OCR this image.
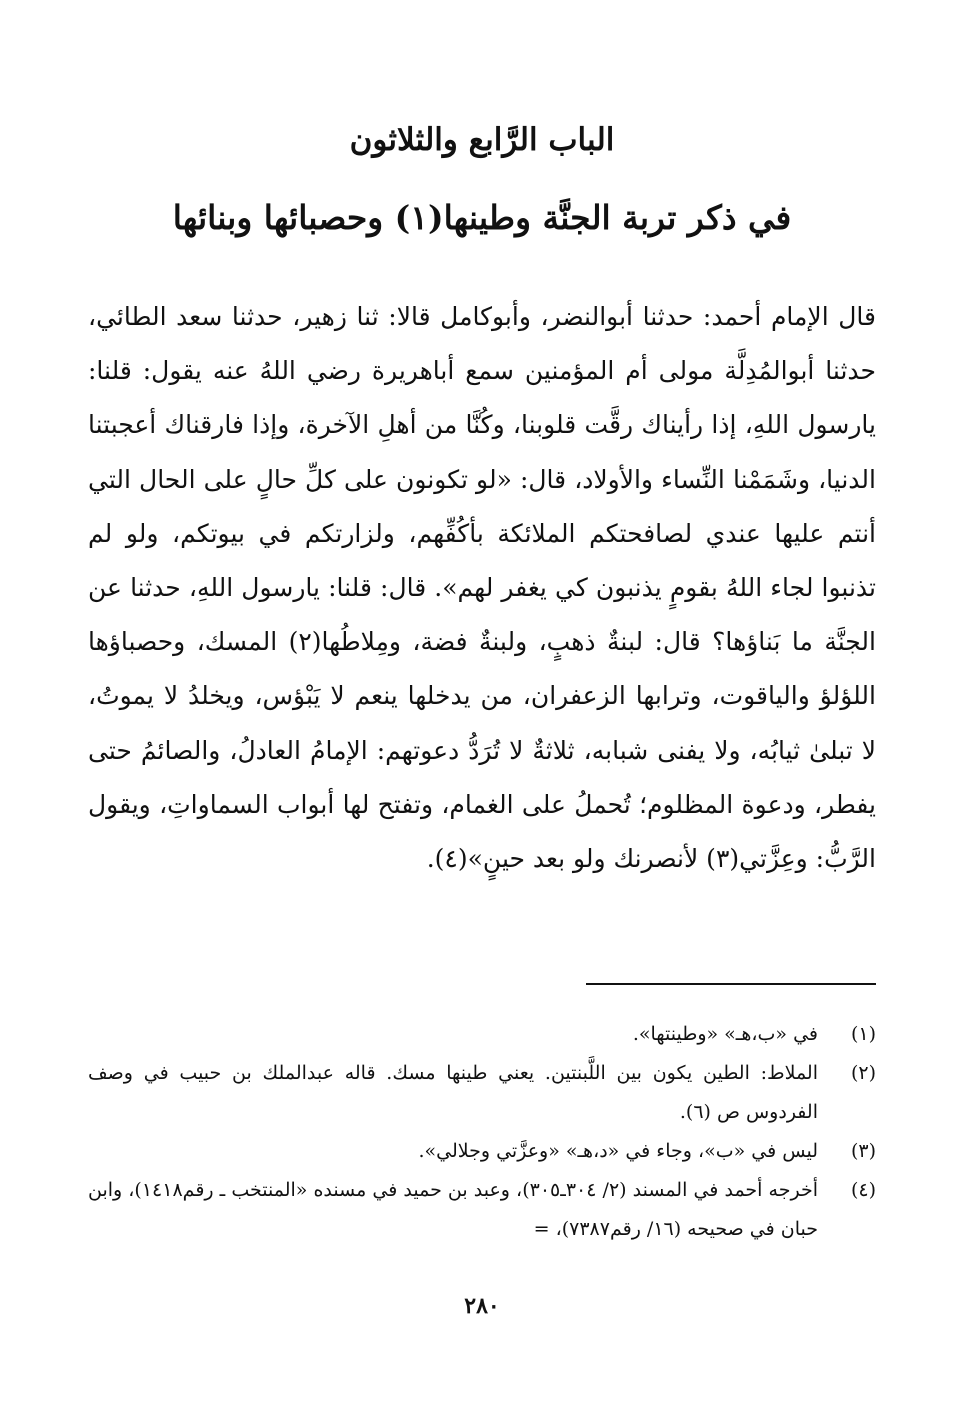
الباب الرَّابع والثلاثون
في ذكر تربة الجنَّة وطينها(١) وحصبائها وبنائها
قال الإمام أحمد: حدثنا أبوالنضر، وأبوكامل قالا: ثنا زهير، حدثنا سعد الطائي، حدثنا أبوالمُدِلَّة مولى أم المؤمنين سمع أباهريرة رضي اللهُ عنه يقول: قلنا: يارسول اللهِ، إذا رأيناك رقَّت قلوبنا، وكُنَّا من أهلِ الآخرة، وإذا فارقناك أعجبتنا الدنيا، وشَمَمْنا النِّساء والأولاد، قال: «لو تكونون على كلِّ حالٍ على الحال التي أنتم عليها عندي لصافحتكم الملائكة بأكُفِّهم، ولزارتكم في بيوتكم، ولو لم تذنبوا لجاء اللهُ بقومٍ يذنبون كي يغفر لهم». قال: قلنا: يارسول اللهِ، حدثنا عن الجنَّة ما بَناؤها؟ قال: لبنةٌ ذهبٍ، ولبنةٌ فضة، ومِلاطُها(٢) المسك، وحصباؤها اللؤلؤ والياقوت، وترابها الزعفران، من يدخلها ينعم لا يَبْؤس، ويخلدُ لا يموتُ، لا تبلىٰ ثيابُه، ولا يفنى شبابه، ثلاثةٌ لا تُرَدُّ دعوتهم: الإمامُ العادلُ، والصائمُ حتى يفطر، ودعوة المظلوم؛ تُحملُ على الغمام، وتفتح لها أبواب السماواتِ، ويقول الرَّبُّ: وعِزَّتي(٣) لأنصرنك ولو بعد حينٍ»(٤).
(١)
في «ب،هـ» «وطينتها».
(٢)
الملاط: الطين يكون بين اللَّبنتين. يعني طينها مسك. قاله عبدالملك بن حبيب في وصف الفردوس ص (٦).
(٣)
ليس في «ب»، وجاء في «د،هـ» «وعزَّتي وجلالي».
(٤)
أخرجه أحمد في المسند (٢/ ٣٠٤ـ٣٠٥)، وعبد بن حميد في مسنده «المنتخب ـ رقم١٤١٨)، وابن حبان في صحيحه (١٦/ رقم٧٣٨٧)، =
٢٨٠
